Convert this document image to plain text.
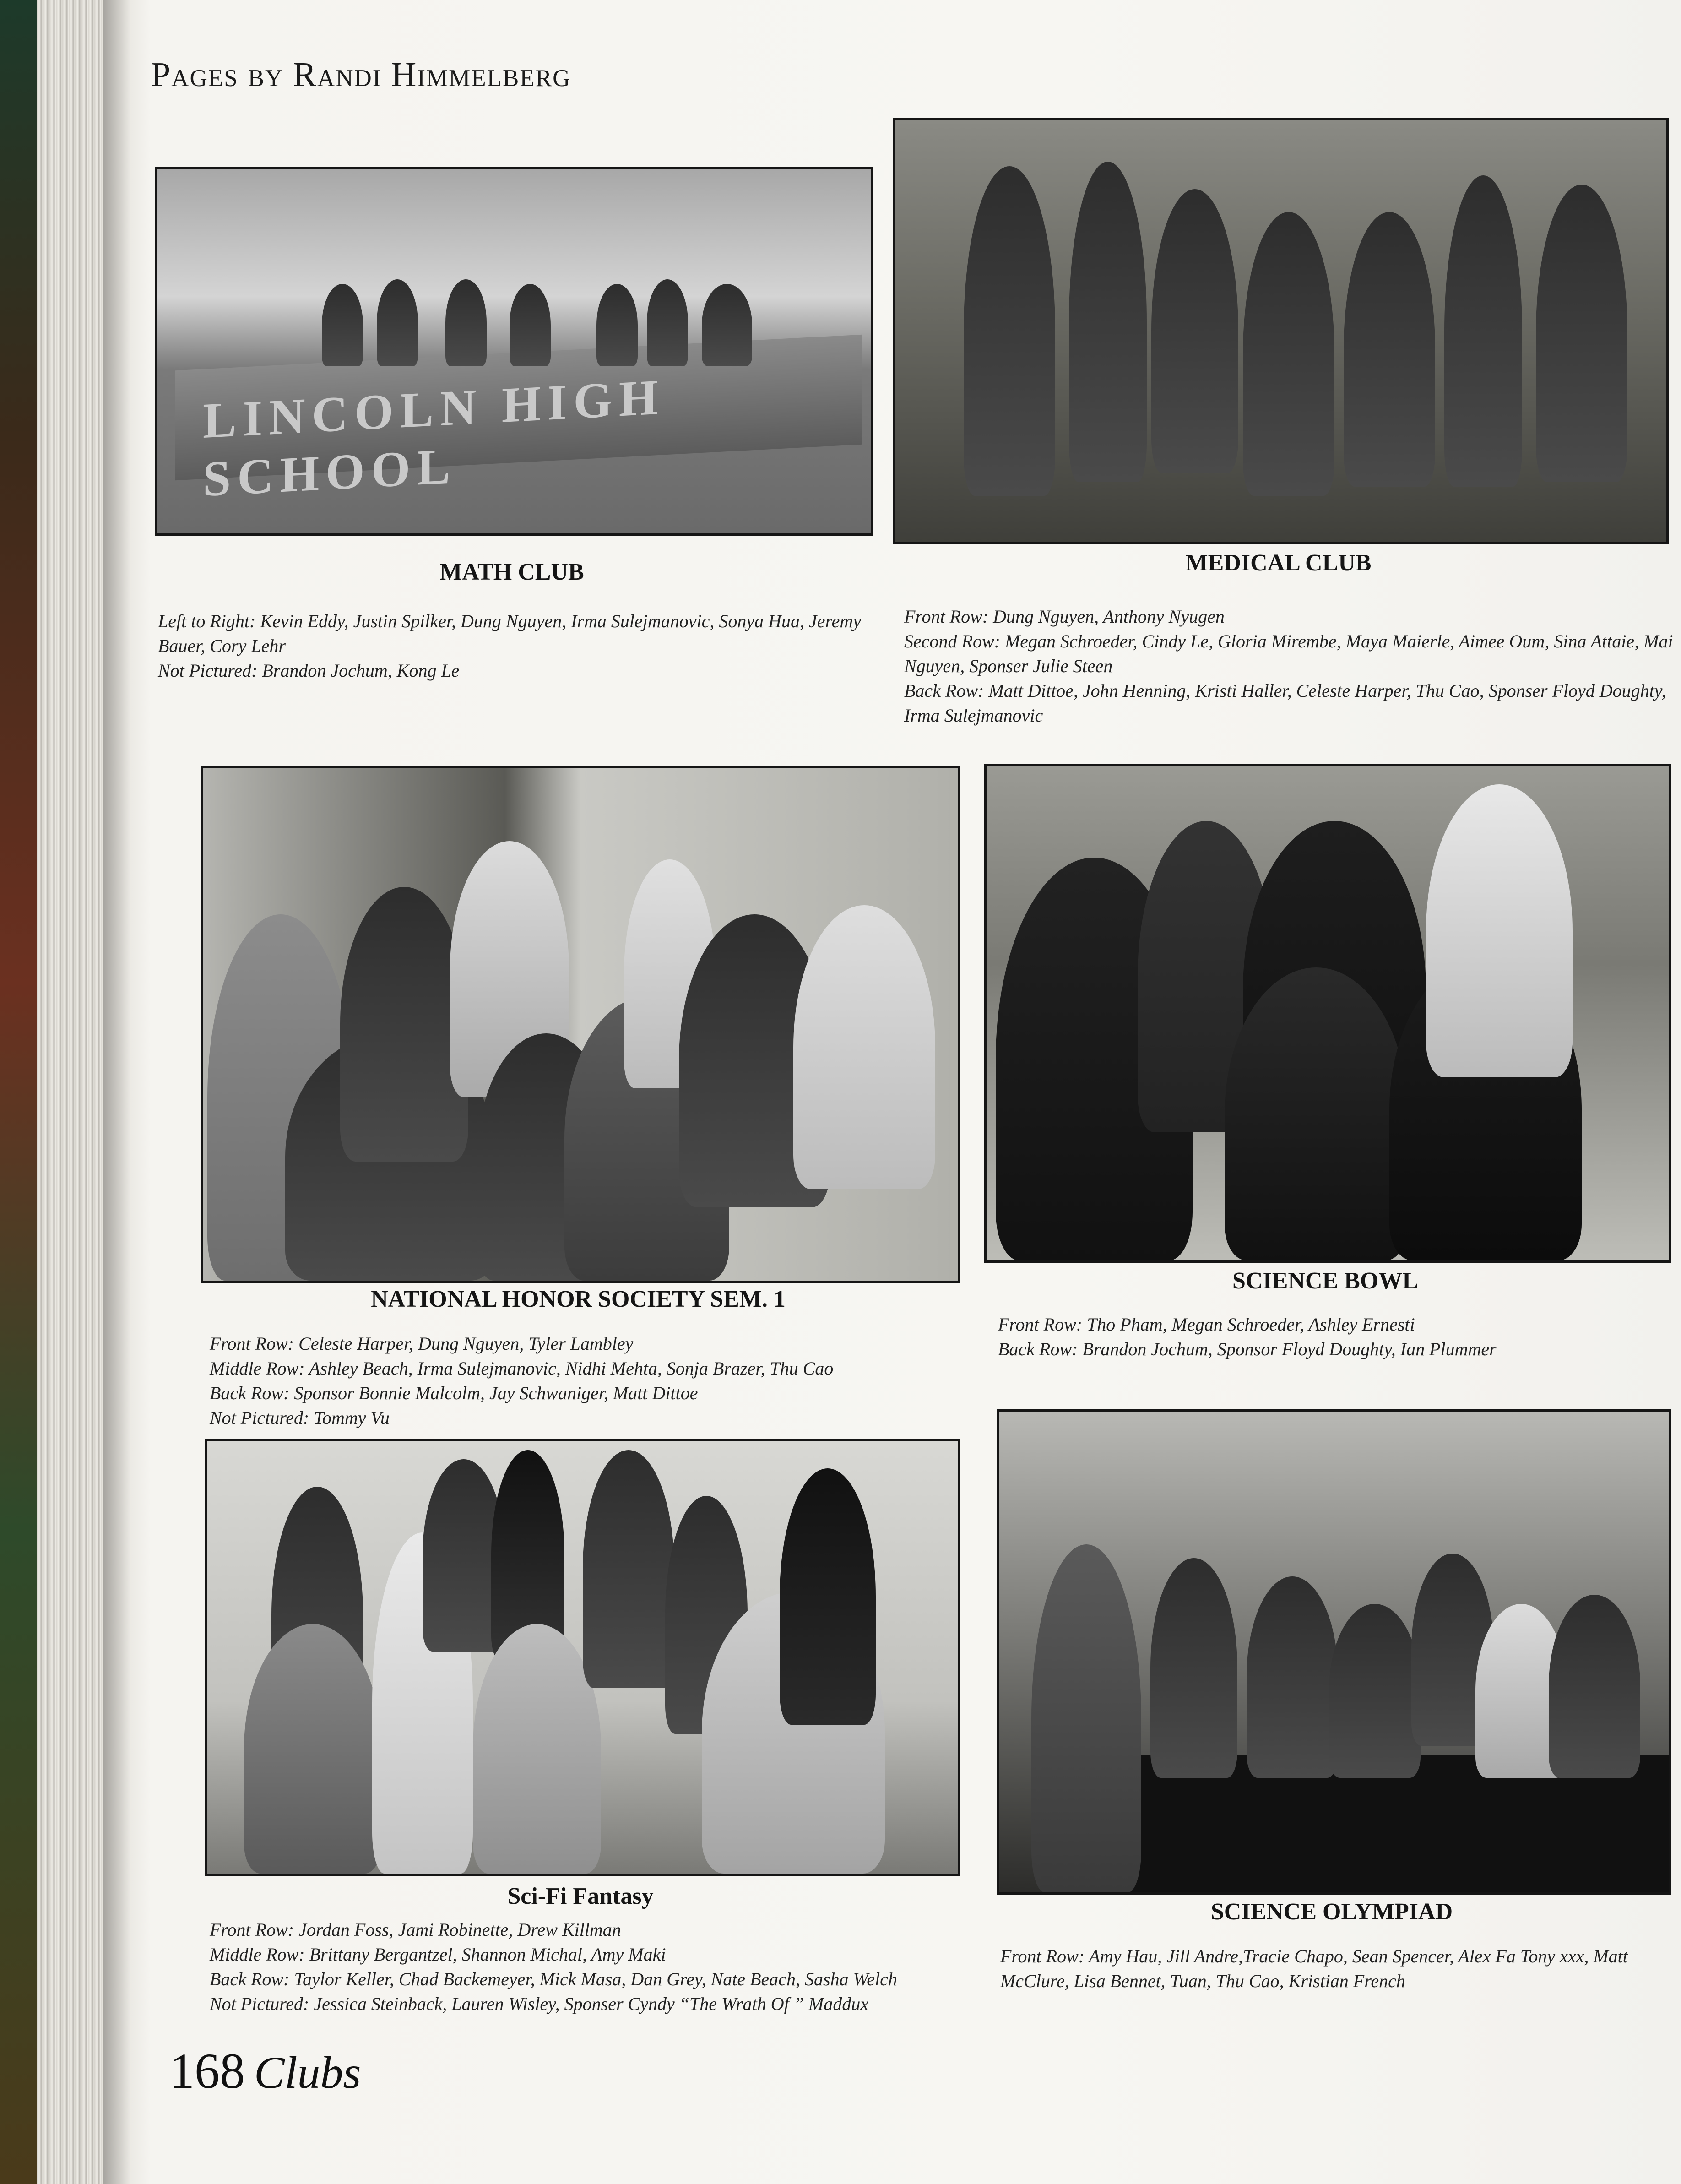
Pages by Randi Himmelberg
LINCOLN HIGH SCHOOL
MATH CLUB
Left to Right: Kevin Eddy, Justin Spilker, Dung Nguyen, Irma Sulejmanovic, Sonya Hua, Jeremy Bauer, Cory Lehr
Not Pictured: Brandon Jochum, Kong Le
MEDICAL CLUB
Front Row: Dung Nguyen, Anthony Nyugen
Second Row: Megan Schroeder, Cindy Le, Gloria Mirembe, Maya Maierle, Aimee Oum, Sina Attaie, Mai Nguyen, Sponser Julie Steen
Back Row: Matt Dittoe, John Henning, Kristi Haller, Celeste Harper, Thu Cao, Sponser Floyd Doughty, Irma Sulejmanovic
NATIONAL HONOR SOCIETY SEM. 1
Front Row: Celeste Harper, Dung Nguyen, Tyler Lambley
Middle Row: Ashley Beach, Irma Sulejmanovic, Nidhi Mehta, Sonja Brazer, Thu Cao
Back Row: Sponsor Bonnie Malcolm, Jay Schwaniger, Matt Dittoe
Not Pictured: Tommy Vu
SCIENCE BOWL
Front Row: Tho Pham, Megan Schroeder, Ashley Ernesti
Back Row: Brandon Jochum, Sponsor Floyd Doughty, Ian Plummer
Sci-Fi Fantasy
Front Row: Jordan Foss, Jami Robinette, Drew Killman
Middle Row: Brittany Bergantzel, Shannon Michal, Amy Maki
Back Row: Taylor Keller, Chad Backemeyer, Mick Masa, Dan Grey, Nate Beach, Sasha Welch
Not Pictured: Jessica Steinback, Lauren Wisley, Sponser Cyndy “The Wrath Of ” Maddux
SCIENCE OLYMPIAD
Front Row: Amy Hau, Jill Andre,Tracie Chapo, Sean Spencer, Alex Fa Tony xxx, Matt McClure, Lisa Bennet, Tuan, Thu Cao, Kristian French
168 Clubs
